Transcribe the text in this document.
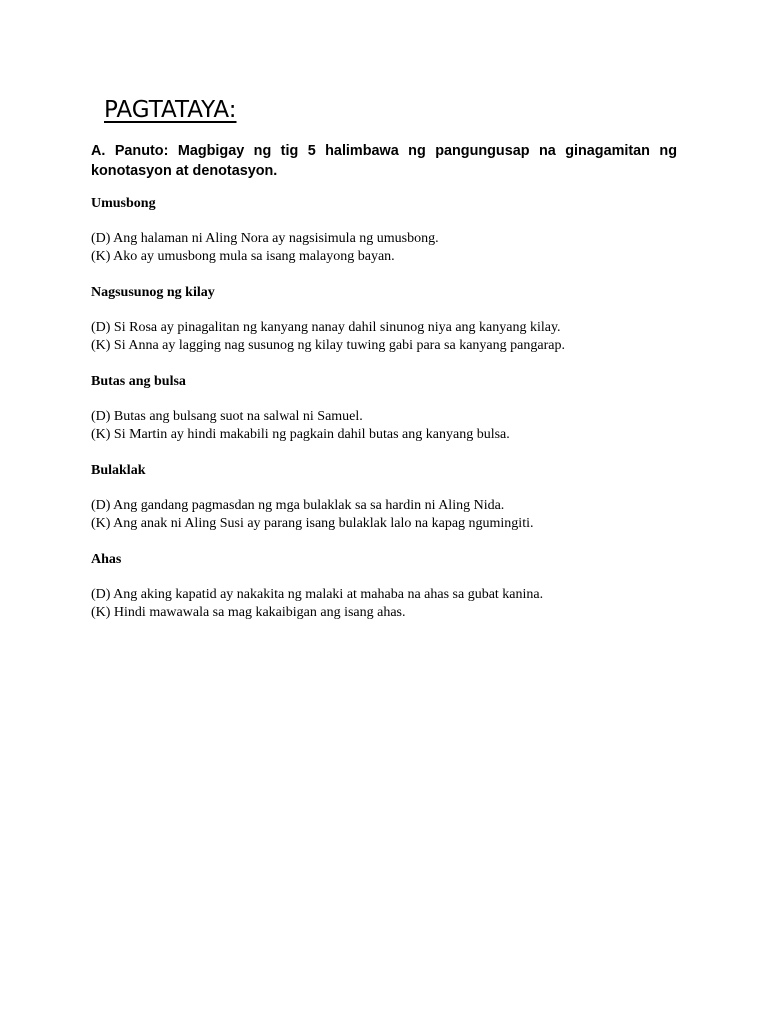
PAGTATAYA:

A. Panuto: Magbigay ng tig 5 halimbawa ng pangungusap na ginagamitan ng konotasyon at denotasyon.

Umusbong

(D) Ang halaman ni Aling Nora ay nagsisimula ng umusbong.

(K) Ako ay umusbong mula sa isang malayong bayan.

Nagsusunog ng kilay

(D) Si Rosa ay pinagalitan ng kanyang nanay dahil sinunog niya ang kanyang kilay.

(K) Si Anna ay lagging nag susunog ng kilay tuwing gabi para sa kanyang pangarap.

Butas ang bulsa

(D) Butas ang bulsang suot na salwal ni Samuel.

(K) Si Martin ay hindi makabili ng pagkain dahil butas ang kanyang bulsa.

Bulaklak

(D) Ang gandang pagmasdan ng mga bulaklak sa sa hardin ni Aling Nida.

(K) Ang anak ni Aling Susi ay parang isang bulaklak lalo na kapag ngumingiti.

Ahas

(D) Ang aking kapatid ay nakakita ng malaki at mahaba na ahas sa gubat kanina.

(K) Hindi mawawala sa mag kakaibigan ang isang ahas.
